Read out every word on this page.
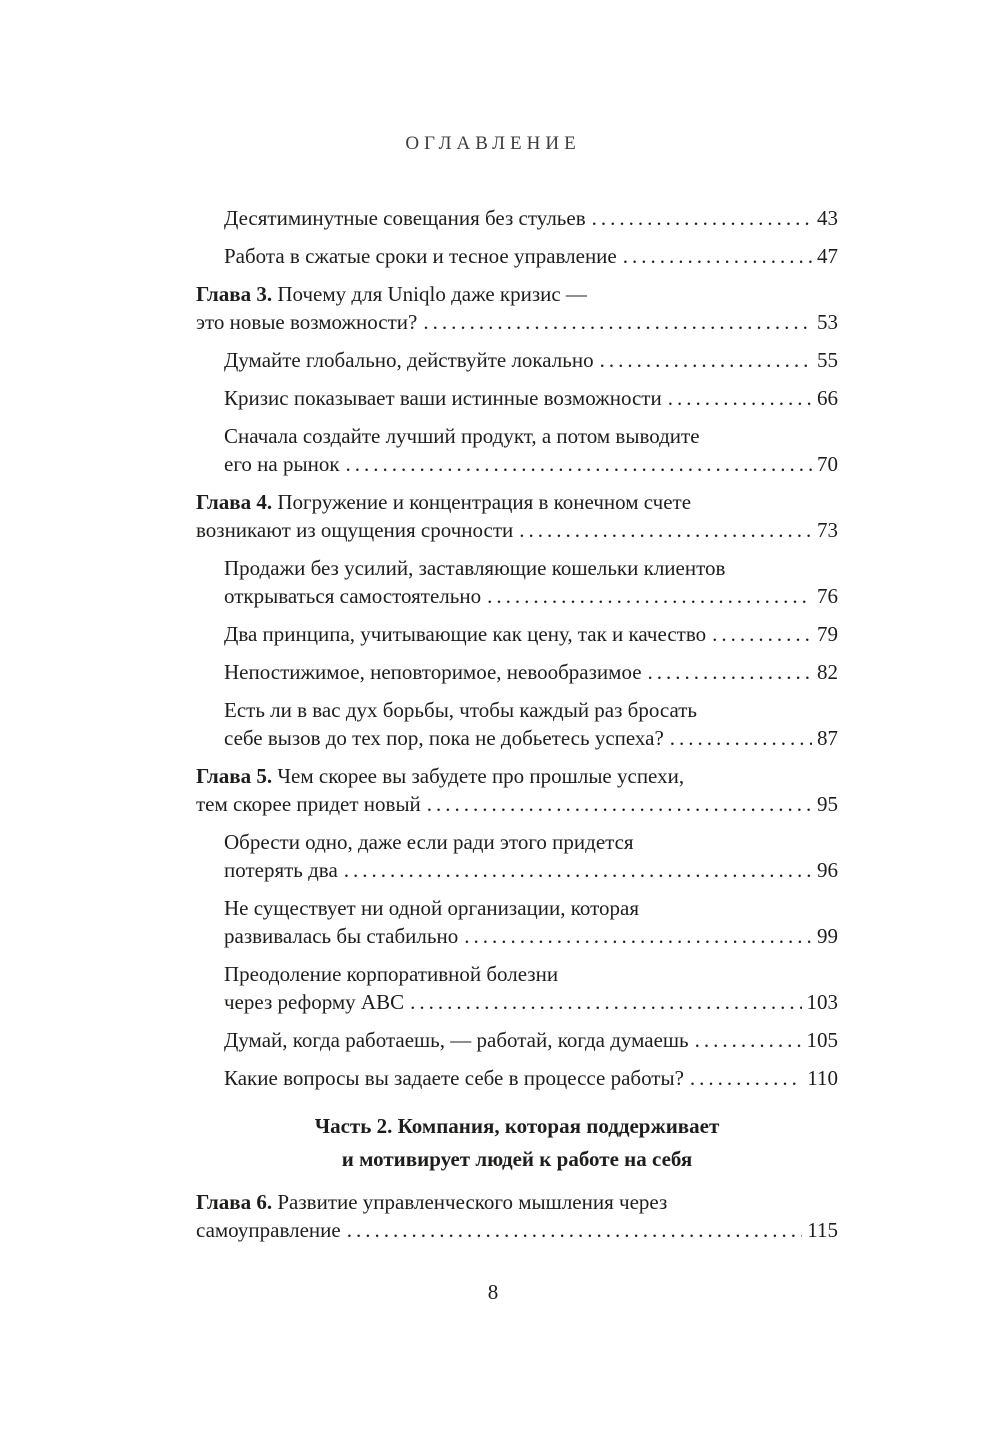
ОГЛАВЛЕНИЕ
Десятиминутные совещания без стульев .....	43
Работа в сжатые сроки и тесное управление .....	47
Глава 3. Почему для Uniqlo даже кризис —
это новые возможности? .....	53
Думайте глобально, действуйте локально .....	55
Кризис показывает ваши истинные возможности .....	66
Сначала создайте лучший продукт, а потом выводите
его на рынок .....	70
Глава 4. Погружение и концентрация в конечном счете
возникают из ощущения срочности .....	73
Продажи без усилий, заставляющие кошельки клиентов
открываться самостоятельно .....	76
Два принципа, учитывающие как цену, так и качество .....	79
Непостижимое, неповторимое, невообразимое .....	82
Есть ли в вас дух борьбы, чтобы каждый раз бросать
себе вызов до тех пор, пока не добьетесь успеха? .....	87
Глава 5. Чем скорее вы забудете про прошлые успехи,
тем скорее придет новый .....	95
Обрести одно, даже если ради этого придется
потерять два .....	96
Не существует ни одной организации, которая
развивалась бы стабильно .....	99
Преодоление корпоративной болезни
через реформу ABC .....	103
Думай, когда работаешь, — работай, когда думаешь .....	105
Какие вопросы вы задаете себе в процессе работы? .....	110
Часть 2. Компания, которая поддерживает
и мотивирует людей к работе на себя
Глава 6. Развитие управленческого мышления через
самоуправление .....	115
8
